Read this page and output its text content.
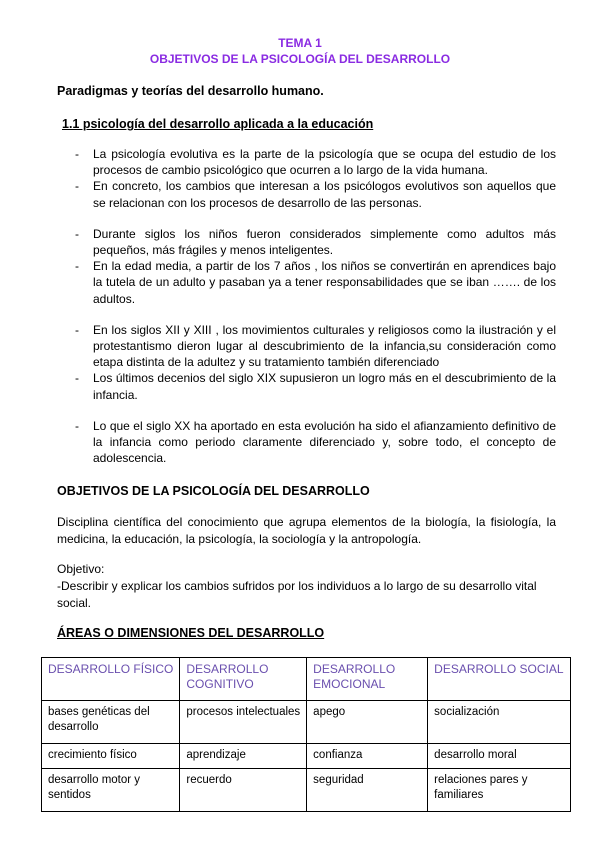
TEMA 1
OBJETIVOS DE LA PSICOLOGÍA DEL DESARROLLO
Paradigmas y teorías del desarrollo humano.
1.1 psicología del desarrollo aplicada a la educación
- La psicología evolutiva es la parte de la psicología que se ocupa del estudio de los procesos de cambio psicológico que ocurren a lo largo de la vida humana.
- En concreto, los cambios que interesan a los psicólogos evolutivos son aquellos que se relacionan con los procesos de desarrollo de las personas.
- Durante siglos los niños fueron considerados simplemente como adultos más pequeños, más frágiles y menos inteligentes.
- En la edad media, a partir de los 7 años , los niños se convertirán en aprendices bajo la tutela de un adulto y pasaban ya a tener responsabilidades que se iban ……. de los adultos.
- En los siglos XII y XIII , los movimientos culturales y religiosos como la ilustración y el protestantismo dieron lugar al descubrimiento de la infancia,su consideración como etapa distinta de la adultez y su tratamiento también diferenciado
- Los últimos decenios del siglo XIX supusieron un logro más en el descubrimiento de la infancia.
- Lo que el siglo XX ha aportado en esta evolución ha sido el afianzamiento definitivo de la infancia como periodo claramente diferenciado y, sobre todo, el concepto de adolescencia.
OBJETIVOS DE LA PSICOLOGÍA DEL DESARROLLO
Disciplina científica del conocimiento que agrupa elementos de la biología, la fisiología, la medicina, la educación, la psicología, la sociología y la antropología.
Objetivo:
-Describir y explicar los cambios sufridos por los individuos a lo largo de su desarrollo vital social.
ÁREAS O DIMENSIONES DEL DESARROLLO
DESARROLLO FÍSICO	DESARROLLO COGNITIVO	DESARROLLO EMOCIONAL	DESARROLLO SOCIAL
bases genéticas del desarrollo	procesos intelectuales	apego	socialización
crecimiento físico	aprendizaje	confianza	desarrollo moral
desarrollo motor y sentidos	recuerdo	seguridad	relaciones pares y familiares
